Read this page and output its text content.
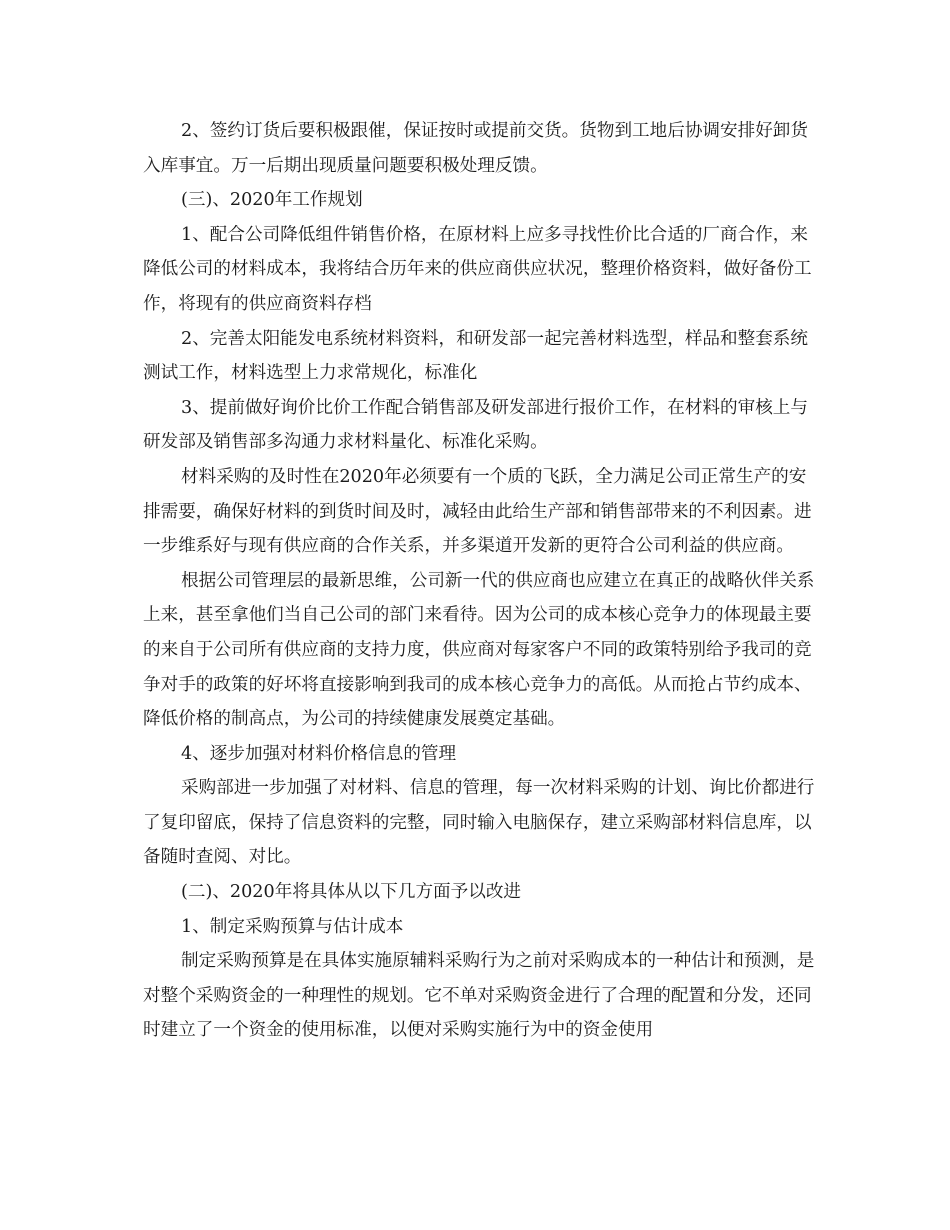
2、签约订货后要积极跟催，保证按时或提前交货。货物到工地后协调安排好卸货入库事宜。万一后期出现质量问题要积极处理反馈。

(三)、2020年工作规划

1、配合公司降低组件销售价格，在原材料上应多寻找性价比合适的厂商合作，来降低公司的材料成本，我将结合历年来的供应商供应状况，整理价格资料，做好备份工作，将现有的供应商资料存档

2、完善太阳能发电系统材料资料，和研发部一起完善材料选型，样品和整套系统测试工作，材料选型上力求常规化，标准化

3、提前做好询价比价工作配合销售部及研发部进行报价工作，在材料的审核上与研发部及销售部多沟通力求材料量化、标准化采购。

材料采购的及时性在2020年必须要有一个质的飞跃，全力满足公司正常生产的安排需要，确保好材料的到货时间及时，减轻由此给生产部和销售部带来的不利因素。进一步维系好与现有供应商的合作关系，并多渠道开发新的更符合公司利益的供应商。

根据公司管理层的最新思维，公司新一代的供应商也应建立在真正的战略伙伴关系上来，甚至拿他们当自己公司的部门来看待。因为公司的成本核心竞争力的体现最主要的来自于公司所有供应商的支持力度，供应商对每家客户不同的政策特别给予我司的竞争对手的政策的好坏将直接影响到我司的成本核心竞争力的高低。从而抢占节约成本、降低价格的制高点，为公司的持续健康发展奠定基础。

4、逐步加强对材料价格信息的管理

采购部进一步加强了对材料、信息的管理，每一次材料采购的计划、询比价都进行了复印留底，保持了信息资料的完整，同时输入电脑保存，建立采购部材料信息库，以备随时查阅、对比。

(二)、2020年将具体从以下几方面予以改进

1、制定采购预算与估计成本

制定采购预算是在具体实施原辅料采购行为之前对采购成本的一种估计和预测，是对整个采购资金的一种理性的规划。它不单对采购资金进行了合理的配置和分发，还同时建立了一个资金的使用标准，以便对采购实施行为中的资金使用
